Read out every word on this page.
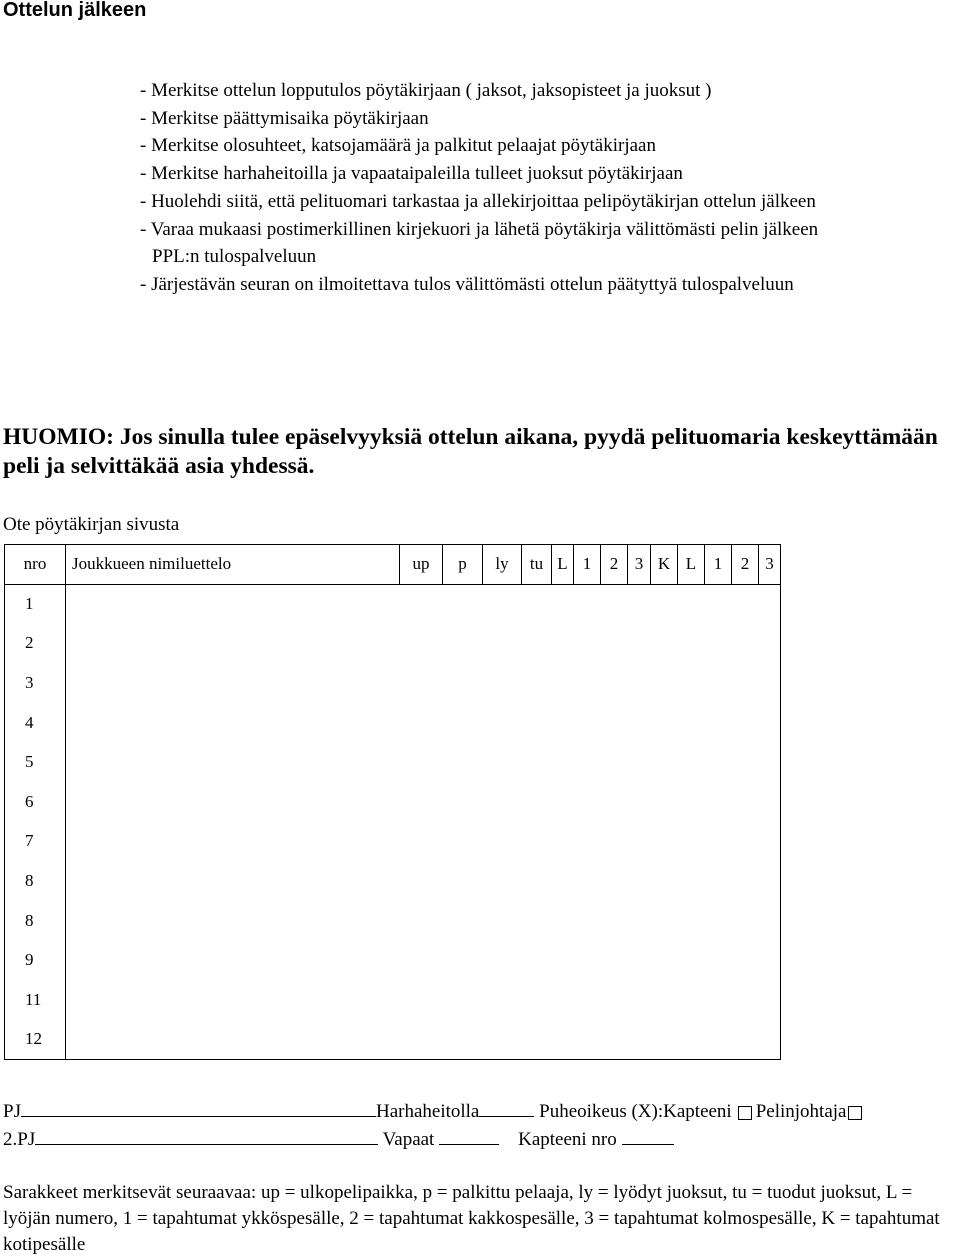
Ottelun jälkeen
- Merkitse ottelun lopputulos pöytäkirjaan ( jaksot, jaksopisteet ja juoksut )
- Merkitse päättymisaika pöytäkirjaan
- Merkitse olosuhteet, katsojamäärä ja palkitut pelaajat pöytäkirjaan
- Merkitse harhaheitoilla ja vapaataipaleilla tulleet juoksut pöytäkirjaan
- Huolehdi siitä, että pelituomari tarkastaa ja allekirjoittaa pelipöytäkirjan ottelun jälkeen
- Varaa mukaasi postimerkillinen kirjekuori ja lähetä pöytäkirja välittömästi pelin jälkeen
PPL:n tulospalveluun
- Järjestävän seuran on ilmoitettava tulos välittömästi ottelun päätyttyä tulospalveluun
HUOMIO: Jos sinulla tulee epäselvyyksiä ottelun aikana, pyydä pelituomaria keskeyttämään peli ja selvittäkää asia yhdessä.
Ote pöytäkirjan sivusta
nro	Joukkueen nimiluettelo	up	p	ly	tu	L	1	2	3	K	L	1	2	3
1														
2														
3														
4														
5														
6														
7														
8														
8														
9														
11														
12														
PJ	Harhaheitolla	Puheoikeus (X):Kapteeni Pelinjohtaja
2.PJ	Vapaat	Kapteeni nro
Sarakkeet merkitsevät seuraavaa: up = ulkopelipaikka, p = palkittu pelaaja, ly = lyödyt juoksut, tu = tuodut juoksut, L = lyöjän numero, 1 = tapahtumat ykköspesälle, 2 = tapahtumat kakkospesälle, 3 = tapahtumat kolmospesälle, K = tapahtumat kotipesälle
